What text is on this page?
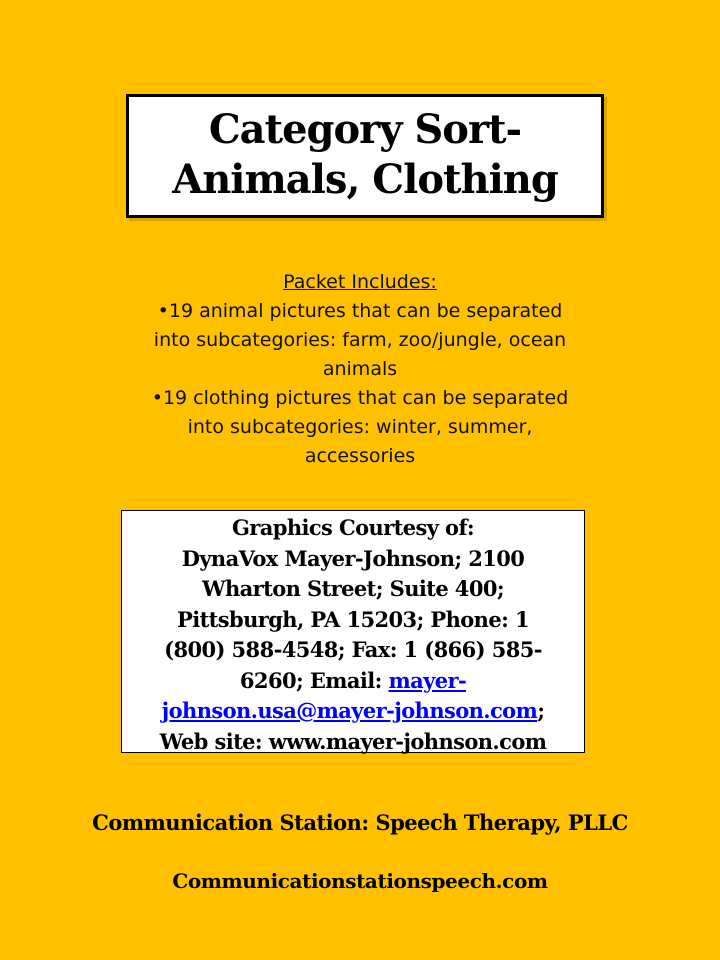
Category Sort-
Animals, Clothing
Packet Includes:
•19 animal pictures that can be separated
into subcategories: farm, zoo/jungle, ocean
animals
•19 clothing pictures that can be separated
into subcategories: winter, summer,
accessories
Graphics Courtesy of:
DynaVox Mayer-Johnson; 2100
Wharton Street; Suite 400;
Pittsburgh, PA 15203; Phone: 1
(800) 588-4548; Fax: 1 (866) 585-
6260; Email: mayer-
johnson.usa@mayer-johnson.com;
Web site: www.mayer-johnson.com
Communication Station: Speech Therapy, PLLC
Communicationstationspeech.com
